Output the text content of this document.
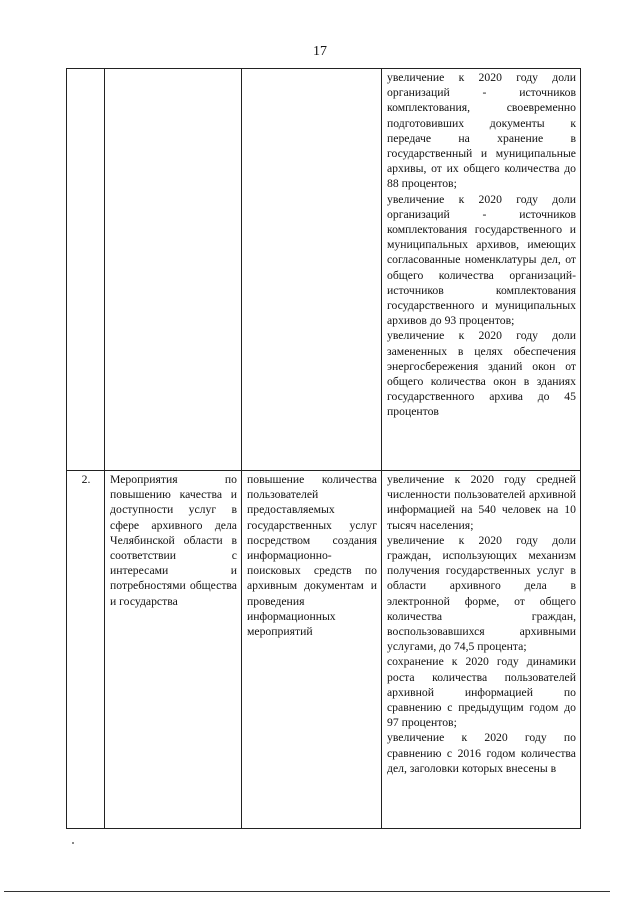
17

			увеличение к 2020 году доли организаций - источников комплектования, своевременно подготовивших документы к передаче на хранение в государственный и муниципальные архивы, от их общего количества до 88 процентов;

увеличение к 2020 году доли организаций - источников комплектования государственного и муниципальных архивов, имеющих согласованные номенклатуры дел, от общего количества организаций-источников комплектования государственного и муниципальных архивов до 93 процентов;

увеличение к 2020 году доли замененных в целях обеспечения энергосбережения зданий окон от общего количества окон в зданиях государственного архива до 45 процентов

2.	Мероприятия по повышению качества и доступности услуг в сфере архивного дела Челябинской области в соответствии с интересами и потребностями общества и государства	повышение количества пользователей предоставляемых государственных услуг посредством создания информационно-поисковых средств по архивным документам и проведения информационных мероприятий	увеличение к 2020 году средней численности пользователей архивной информацией на 540 человек на 10 тысяч населения;

увеличение к 2020 году доли граждан, использующих механизм получения государственных услуг в области архивного дела в электронной форме, от общего количества граждан, воспользовавшихся архивными услугами, до 74,5 процента;

сохранение к 2020 году динамики роста количества пользователей архивной информацией по сравнению с предыдущим годом до 97 процентов;

увеличение к 2020 году по сравнению с 2016 годом количества дел, заголовки которых внесены в
